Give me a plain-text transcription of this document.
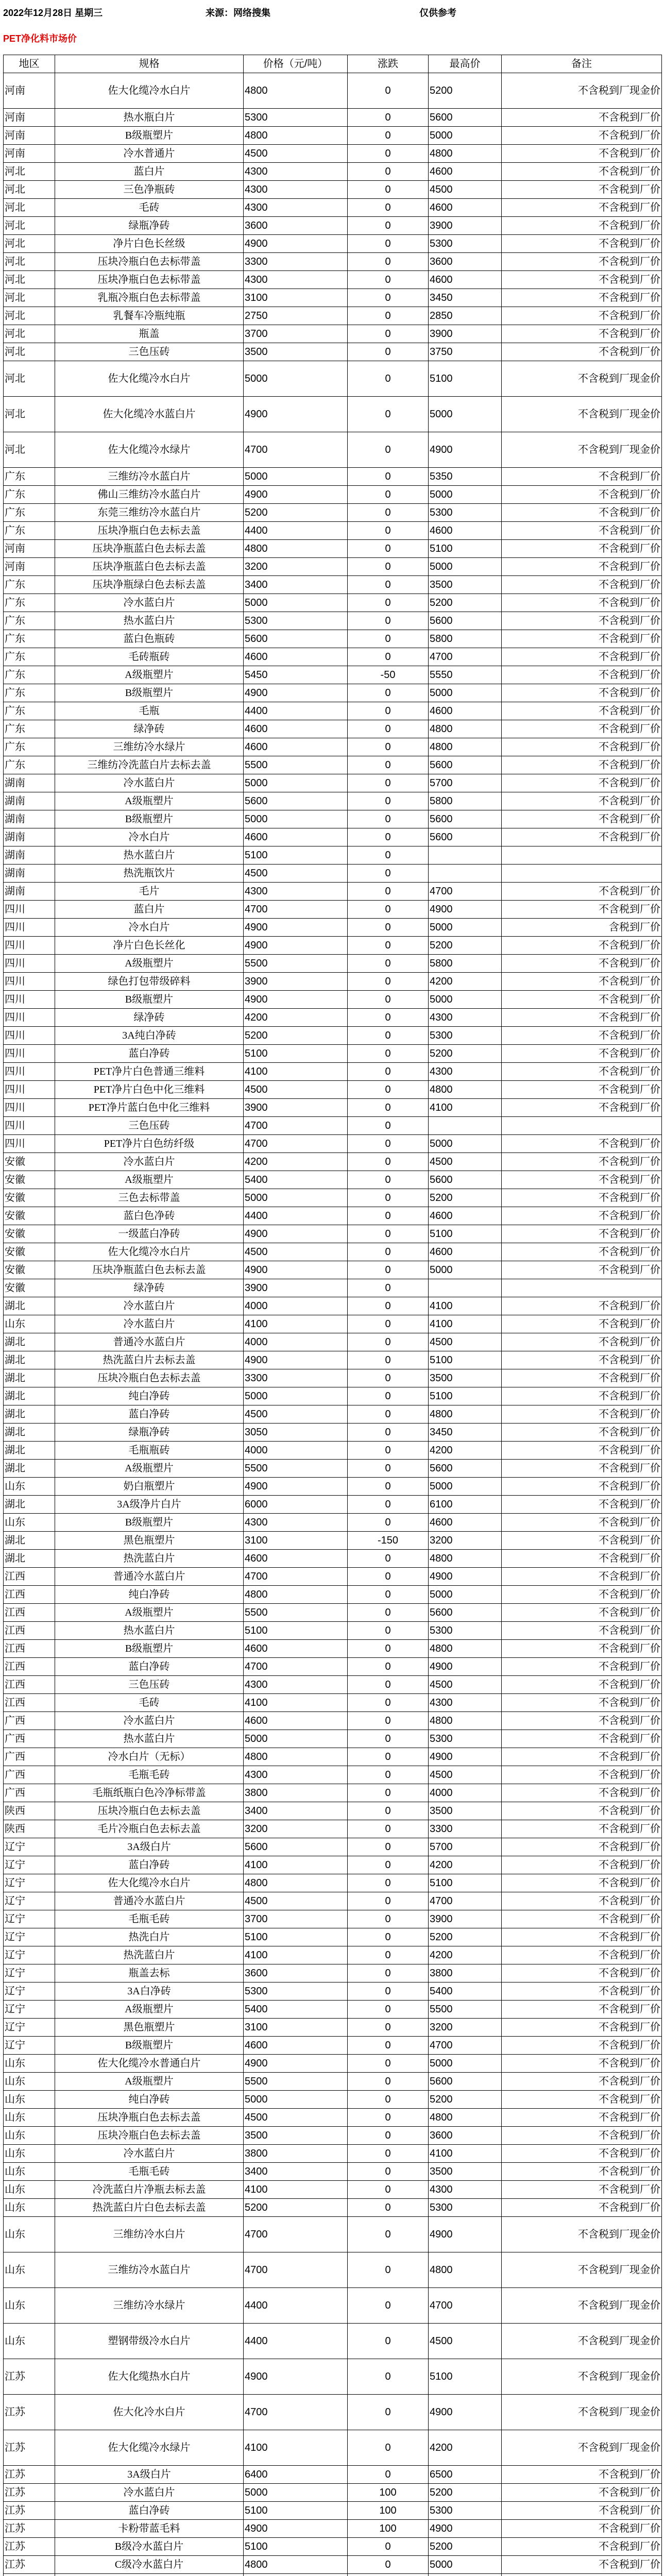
2022年12月28日 星期三	来源：网络搜集	仅供参考
PET净化料市场价
地区	规格	价格（元/吨）	涨跌	最高价	备注
河南	佐大化缆冷水白片	4800	0	5200	不含税到厂现金价
河南	热水瓶白片	5300	0	5600	不含税到厂价
河南	B级瓶塑片	4800	0	5000	不含税到厂价
河南	冷水普通片	4500	0	4800	不含税到厂价
河北	蓝白片	4300	0	4600	不含税到厂价
河北	三色净瓶砖	4300	0	4500	不含税到厂价
河北	毛砖	4300	0	4600	不含税到厂价
河北	绿瓶净砖	3600	0	3900	不含税到厂价
河北	净片白色长丝级	4900	0	5300	不含税到厂价
河北	压块冷瓶白色去标带盖	3300	0	3600	不含税到厂价
河北	压块净瓶白色去标带盖	4300	0	4600	不含税到厂价
河北	乳瓶冷瓶白色去标带盖	3100	0	3450	不含税到厂价
河北	乳餐车冷瓶纯瓶	2750	0	2850	不含税到厂价
河北	瓶盖	3700	0	3900	不含税到厂价
河北	三色压砖	3500	0	3750	不含税到厂价
河北	佐大化缆冷水白片	5000	0	5100	不含税到厂现金价
河北	佐大化缆冷水蓝白片	4900	0	5000	不含税到厂现金价
河北	佐大化缆冷水绿片	4700	0	4900	不含税到厂现金价
广东	三维纺冷水蓝白片	5000	0	5350	不含税到厂价
广东	佛山三维纺冷水蓝白片	4900	0	5000	不含税到厂价
广东	东莞三维纺冷水蓝白片	5200	0	5300	不含税到厂价
广东	压块净瓶白色去标去盖	4400	0	4600	不含税到厂价
河南	压块净瓶蓝白色去标去盖	4800	0	5100	不含税到厂价
河南	压块净瓶蓝白色去标去盖	3200	0	5000	不含税到厂价
广东	压块净瓶绿白色去标去盖	3400	0	3500	不含税到厂价
广东	冷水蓝白片	5000	0	5200	不含税到厂价
广东	热水蓝白片	5300	0	5600	不含税到厂价
广东	蓝白色瓶砖	5600	0	5800	不含税到厂价
广东	毛砖瓶砖	4600	0	4700	不含税到厂价
广东	A级瓶塑片	5450	-50	5550	不含税到厂价
广东	B级瓶塑片	4900	0	5000	不含税到厂价
广东	毛瓶	4400	0	4600	不含税到厂价
广东	绿净砖	4600	0	4800	不含税到厂价
广东	三维纺冷水绿片	4600	0	4800	不含税到厂价
广东	三维纺冷洗蓝白片去标去盖	5500	0	5600	不含税到厂价
湖南	冷水蓝白片	5000	0	5700	不含税到厂价
湖南	A级瓶塑片	5600	0	5800	不含税到厂价
湖南	B级瓶塑片	5000	0	5600	不含税到厂价
湖南	冷水白片	4600	0	5600	不含税到厂价
湖南	热水蓝白片	5100	0		
湖南	热洗瓶饮片	4500	0		
湖南	毛片	4300	0	4700	不含税到厂价
四川	蓝白片	4700	0	4900	不含税到厂价
四川	冷水白片	4900	0	5000	含税到厂价
四川	净片白色长丝化	4900	0	5200	不含税到厂价
四川	A级瓶塑片	5500	0	5800	不含税到厂价
四川	绿色打包带级碎料	3900	0	4200	不含税到厂价
四川	B级瓶塑片	4900	0	5000	不含税到厂价
四川	绿净砖	4200	0	4300	不含税到厂价
四川	3A纯白净砖	5200	0	5300	不含税到厂价
四川	蓝白净砖	5100	0	5200	不含税到厂价
四川	PET净片白色普通三维料	4100	0	4300	不含税到厂价
四川	PET净片白色中化三维料	4500	0	4800	不含税到厂价
四川	PET净片蓝白色中化三维料	3900	0	4100	不含税到厂价
四川	三色压砖	4700	0		
四川	PET净片白色纺纤级	4700	0	5000	不含税到厂价
安徽	冷水蓝白片	4200	0	4500	不含税到厂价
安徽	A级瓶塑片	5400	0	5600	不含税到厂价
安徽	三色去标带盖	5000	0	5200	不含税到厂价
安徽	蓝白色净砖	4400	0	4600	不含税到厂价
安徽	一级蓝白净砖	4900	0	5100	不含税到厂价
安徽	佐大化缆冷水白片	4500	0	4600	不含税到厂价
安徽	压块净瓶蓝白色去标去盖	4900	0	5000	不含税到厂价
安徽	绿净砖	3900	0		
湖北	冷水蓝白片	4000	0	4100	不含税到厂价
山东	冷水蓝白片	4100	0	4100	不含税到厂价
湖北	普通冷水蓝白片	4000	0	4500	不含税到厂价
湖北	热洗蓝白片去标去盖	4900	0	5100	不含税到厂价
湖北	压块冷瓶白色去标去盖	3300	0	3500	不含税到厂价
湖北	纯白净砖	5000	0	5100	不含税到厂价
湖北	蓝白净砖	4500	0	4800	不含税到厂价
湖北	绿瓶净砖	3050	0	3450	不含税到厂价
湖北	毛瓶瓶砖	4000	0	4200	不含税到厂价
湖北	A级瓶塑片	5500	0	5600	不含税到厂价
山东	奶白瓶塑片	4900	0	5000	不含税到厂价
湖北	3A级净片白片	6000	0	6100	不含税到厂价
山东	B级瓶塑片	4300	0	4600	不含税到厂价
湖北	黑色瓶塑片	3100	-150	3200	不含税到厂价
湖北	热洗蓝白片	4600	0	4800	不含税到厂价
江西	普通冷水蓝白片	4700	0	4900	不含税到厂价
江西	纯白净砖	4800	0	5000	不含税到厂价
江西	A级瓶塑片	5500	0	5600	不含税到厂价
江西	热水蓝白片	5100	0	5300	不含税到厂价
江西	B级瓶塑片	4600	0	4800	不含税到厂价
江西	蓝白净砖	4700	0	4900	不含税到厂价
江西	三色压砖	4300	0	4500	不含税到厂价
江西	毛砖	4100	0	4300	不含税到厂价
广西	冷水蓝白片	4600	0	4800	不含税到厂价
广西	热水蓝白片	5000	0	5300	不含税到厂价
广西	冷水白片（无标）	4800	0	4900	不含税到厂价
广西	毛瓶毛砖	4300	0	4500	不含税到厂价
广西	毛瓶纸瓶白色冷净标带盖	3800	0	4000	不含税到厂价
陕西	压块冷瓶白色去标去盖	3400	0	3500	不含税到厂价
陕西	毛片冷瓶白色去标去盖	3200	0	3300	不含税到厂价
辽宁	3A级白片	5600	0	5700	不含税到厂价
辽宁	蓝白净砖	4100	0	4200	不含税到厂价
辽宁	佐大化缆冷水白片	4800	0	5100	不含税到厂价
辽宁	普通冷水蓝白片	4500	0	4700	不含税到厂价
辽宁	毛瓶毛砖	3700	0	3900	不含税到厂价
辽宁	热洗白片	5100	0	5200	不含税到厂价
辽宁	热洗蓝白片	4100	0	4200	不含税到厂价
辽宁	瓶盖去标	3600	0	3800	不含税到厂价
辽宁	3A白净砖	5300	0	5400	不含税到厂价
辽宁	A级瓶塑片	5400	0	5500	不含税到厂价
辽宁	黑色瓶塑片	3100	0	3200	不含税到厂价
辽宁	B级瓶塑片	4600	0	4700	不含税到厂价
山东	佐大化缆冷水普通白片	4900	0	5000	不含税到厂价
山东	A级瓶塑片	5500	0	5600	不含税到厂价
山东	纯白净砖	5000	0	5200	不含税到厂价
山东	压块净瓶白色去标去盖	4500	0	4800	不含税到厂价
山东	压块冷瓶白色去标去盖	3500	0	3600	不含税到厂价
山东	冷水蓝白片	3800	0	4100	不含税到厂价
山东	毛瓶毛砖	3400	0	3500	不含税到厂价
山东	冷洗蓝白片净瓶去标去盖	4100	0	4300	不含税到厂价
山东	热洗蓝白片白色去标去盖	5200	0	5300	不含税到厂价
山东	三维纺冷水白片	4700	0	4900	不含税到厂现金价
山东	三维纺冷水蓝白片	4700	0	4800	不含税到厂现金价
山东	三维纺冷水绿片	4400	0	4700	不含税到厂现金价
山东	塑钢带级冷水白片	4400	0	4500	不含税到厂现金价
江苏	佐大化缆热水白片	4900	0	5100	不含税到厂现金价
江苏	佐大化冷水白片	4700	0	4900	不含税到厂现金价
江苏	佐大化缆冷水绿片	4100	0	4200	不含税到厂现金价
江苏	3A级白片	6400	0	6500	不含税到厂价
江苏	冷水蓝白片	5000	100	5200	不含税到厂价
江苏	蓝白净砖	5100	100	5300	不含税到厂价
江苏	卡粉带蓝毛料	4900	100	4900	不含税到厂价
江苏	B级冷水蓝白片	5100	0	5200	不含税到厂价
江苏	C级冷水蓝白片	4800	0	5000	不含税到厂价
